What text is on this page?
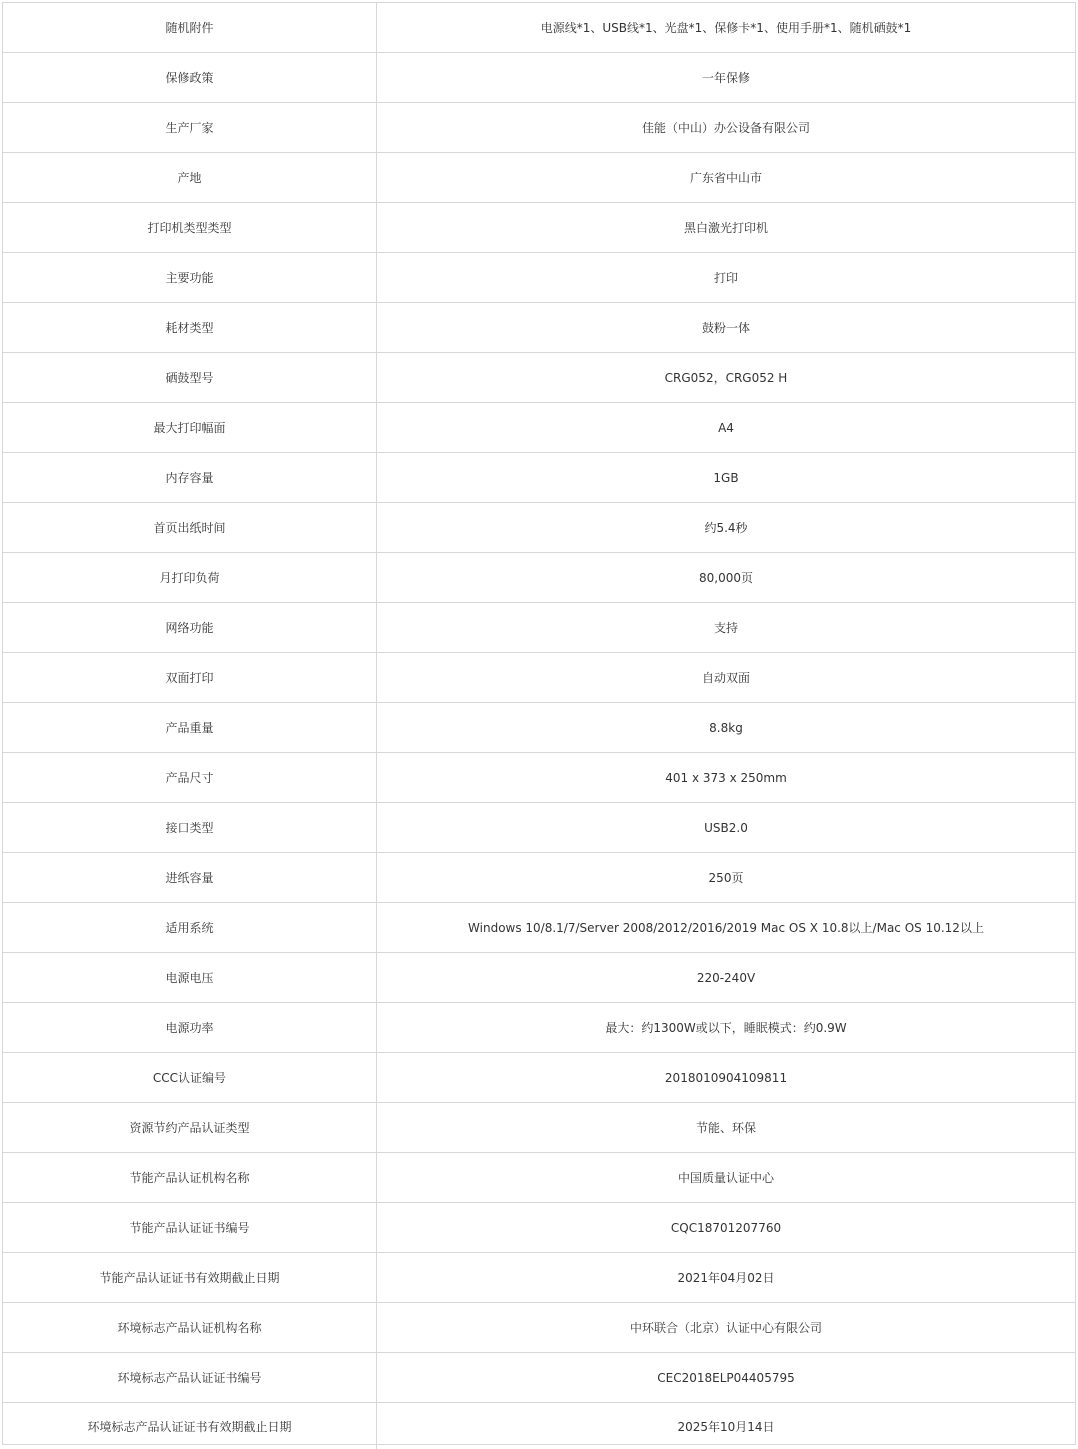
随机附件	电源线*1、USB线*1、光盘*1、保修卡*1、使用手册*1、随机硒鼓*1
保修政策	一年保修
生产厂家	佳能（中山）办公设备有限公司
产地	广东省中山市
打印机类型类型	黑白激光打印机
主要功能	打印
耗材类型	鼓粉一体
硒鼓型号	CRG052，CRG052 H
最大打印幅面	A4
内存容量	1GB
首页出纸时间	约5.4秒
月打印负荷	80,000页
网络功能	支持
双面打印	自动双面
产品重量	8.8kg
产品尺寸	401 x 373 x 250mm
接口类型	USB2.0
进纸容量	250页
适用系统	Windows 10/8.1/7/Server 2008/2012/2016/2019 Mac OS X 10.8以上/Mac OS 10.12以上
电源电压	220-240V
电源功率	最大：约1300W或以下，睡眠模式：约0.9W
CCC认证编号	2018010904109811
资源节约产品认证类型	节能、环保
节能产品认证机构名称	中国质量认证中心
节能产品认证证书编号	CQC18701207760
节能产品认证证书有效期截止日期	2021年04月02日
环境标志产品认证机构名称	中环联合（北京）认证中心有限公司
环境标志产品认证证书编号	CEC2018ELP04405795
环境标志产品认证证书有效期截止日期	2025年10月14日
